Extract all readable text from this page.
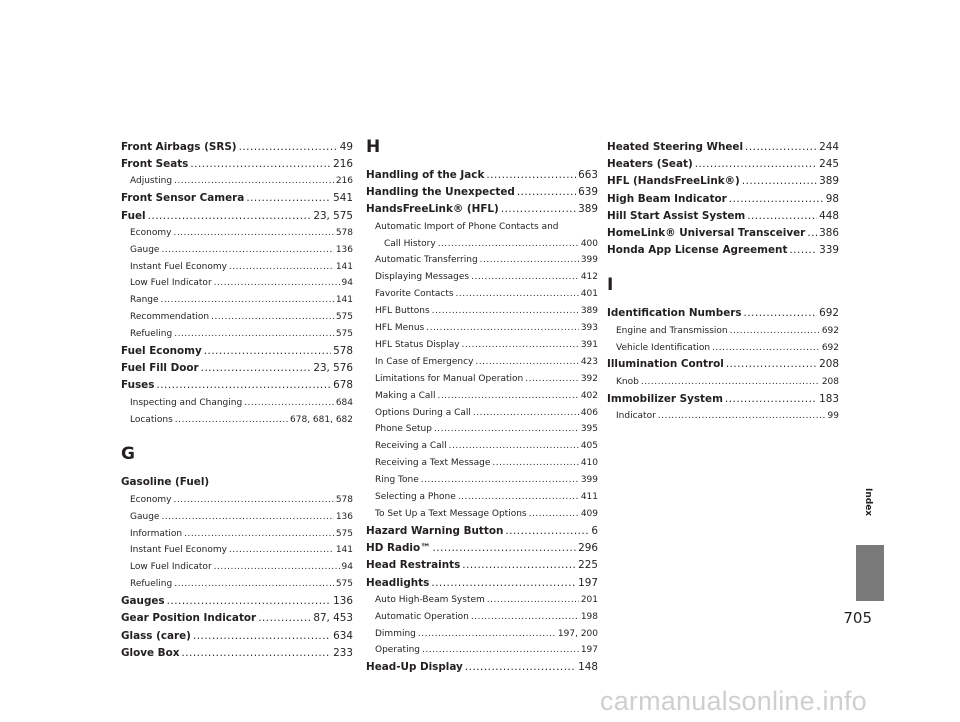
Front Airbags (SRS) .....	49
Front Seats .....	216
Adjusting .....	216
Front Sensor Camera .....	541
Fuel .....	23, 575
Economy .....	578
Gauge .....	136
Instant Fuel Economy .....	141
Low Fuel Indicator .....	94
Range .....	141
Recommendation .....	575
Refueling .....	575
Fuel Economy .....	578
Fuel Fill Door .....	23, 576
Fuses .....	678
Inspecting and Changing .....	684
Locations .....	678, 681, 682
G
Gasoline (Fuel)
Economy .....	578
Gauge .....	136
Information .....	575
Instant Fuel Economy .....	141
Low Fuel Indicator .....	94
Refueling .....	575
Gauges .....	136
Gear Position Indicator .....	87, 453
Glass (care) .....	634
Glove Box .....	233
H
Handling of the Jack .....	663
Handling the Unexpected .....	639
HandsFreeLink® (HFL) .....	389
Automatic Import of Phone Contacts and
Call History .....	400
Automatic Transferring .....	399
Displaying Messages .....	412
Favorite Contacts .....	401
HFL Buttons .....	389
HFL Menus .....	393
HFL Status Display .....	391
In Case of Emergency .....	423
Limitations for Manual Operation .....	392
Making a Call .....	402
Options During a Call .....	406
Phone Setup .....	395
Receiving a Call .....	405
Receiving a Text Message .....	410
Ring Tone .....	399
Selecting a Phone .....	411
To Set Up a Text Message Options .....	409
Hazard Warning Button .....	6
HD Radio™ .....	296
Head Restraints .....	225
Headlights .....	197
Auto High-Beam System .....	201
Automatic Operation .....	198
Dimming .....	197, 200
Operating .....	197
Head-Up Display .....	148
Heated Steering Wheel .....	244
Heaters (Seat) .....	245
HFL (HandsFreeLink®) .....	389
High Beam Indicator .....	98
Hill Start Assist System .....	448
HomeLink® Universal Transceiver ..... 386
Honda App License Agreement .....	339
I
Identification Numbers .....	692
Engine and Transmission .....	692
Vehicle Identification .....	692
Illumination Control .....	208
Knob .....	208
Immobilizer System .....	183
Indicator .....	99
Index
705
carmanualsonline.info
